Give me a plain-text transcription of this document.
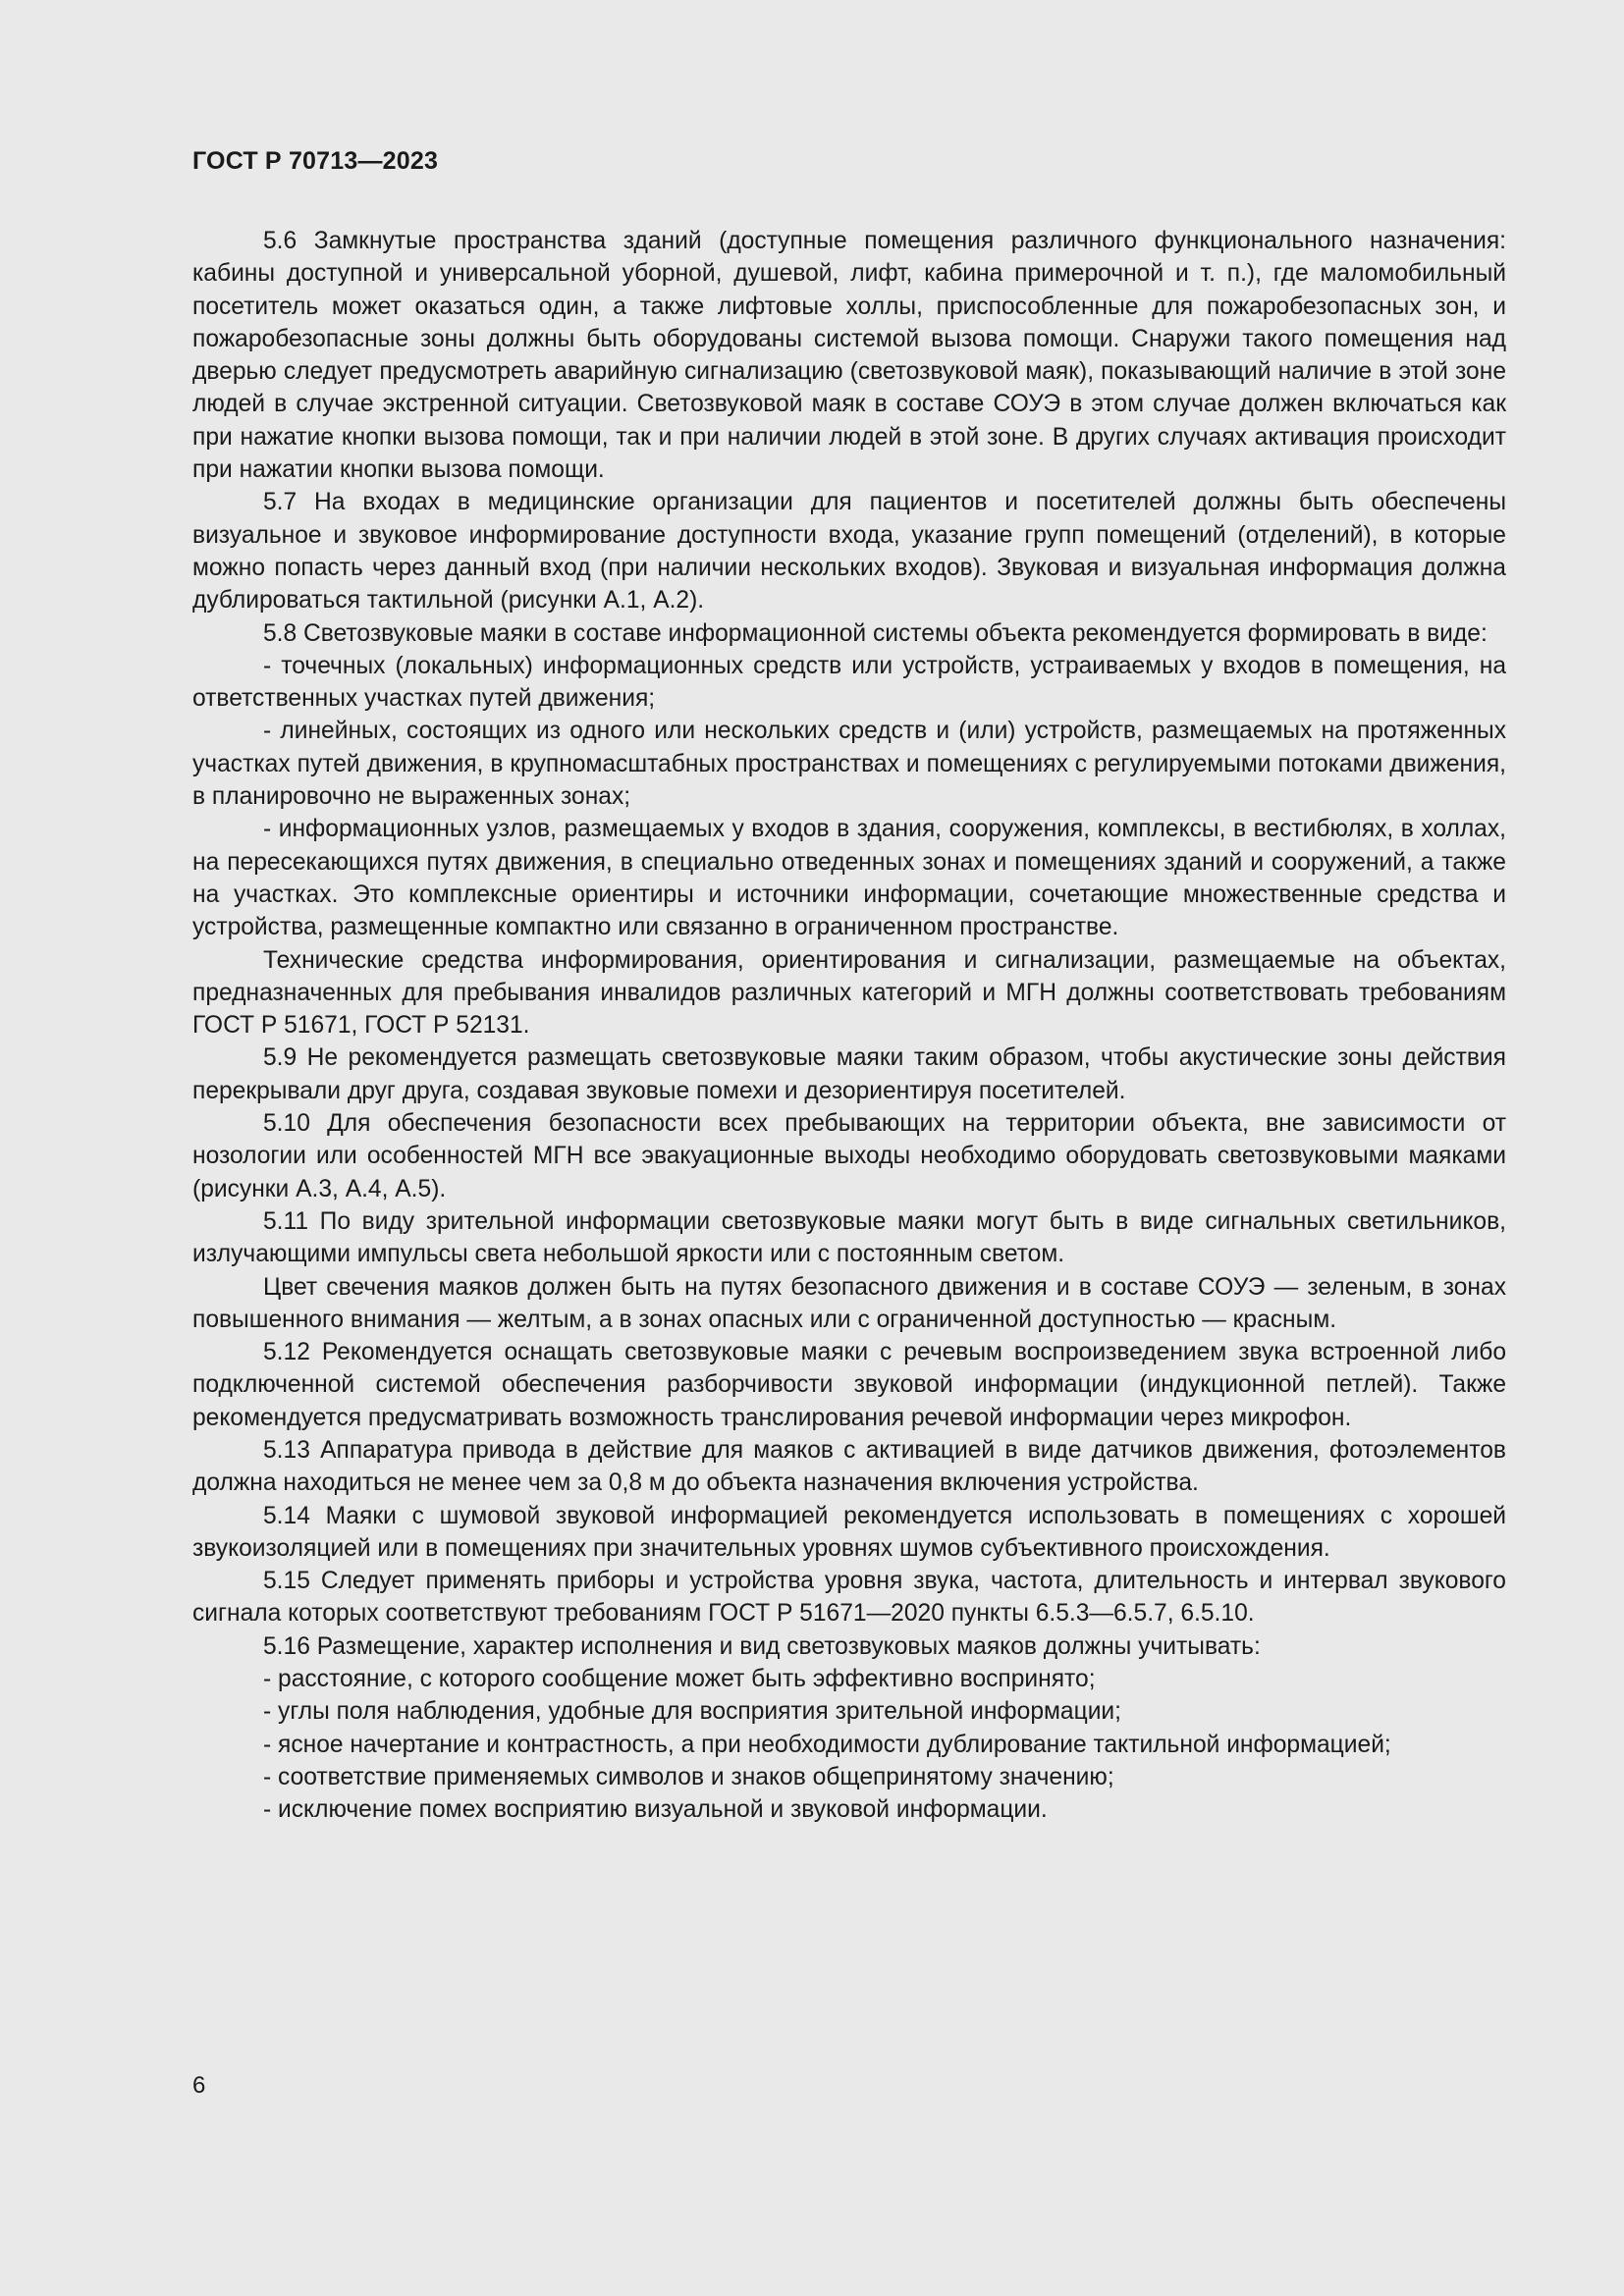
ГОСТ Р 70713—2023

5.6 Замкнутые пространства зданий (доступные помещения различного функционального назначения: кабины доступной и универсальной уборной, душевой, лифт, кабина примерочной и т. п.), где маломобильный посетитель может оказаться один, а также лифтовые холлы, приспособленные для пожаробезопасных зон, и пожаробезопасные зоны должны быть оборудованы системой вызова помощи. Снаружи такого помещения над дверью следует предусмотреть аварийную сигнализацию (светозвуковой маяк), показывающий наличие в этой зоне людей в случае экстренной ситуации. Светозвуковой маяк в составе СОУЭ в этом случае должен включаться как при нажатие кнопки вызова помощи, так и при наличии людей в этой зоне. В других случаях активация происходит при нажатии кнопки вызова помощи.

5.7 На входах в медицинские организации для пациентов и посетителей должны быть обеспечены визуальное и звуковое информирование доступности входа, указание групп помещений (отделений), в которые можно попасть через данный вход (при наличии нескольких входов). Звуковая и визуальная информация должна дублироваться тактильной (рисунки А.1, А.2).

5.8 Светозвуковые маяки в составе информационной системы объекта рекомендуется формировать в виде:

- точечных (локальных) информационных средств или устройств, устраиваемых у входов в помещения, на ответственных участках путей движения;

- линейных, состоящих из одного или нескольких средств и (или) устройств, размещаемых на протяженных участках путей движения, в крупномасштабных пространствах и помещениях с регулируемыми потоками движения, в планировочно не выраженных зонах;

- информационных узлов, размещаемых у входов в здания, сооружения, комплексы, в вестибюлях, в холлах, на пересекающихся путях движения, в специально отведенных зонах и помещениях зданий и сооружений, а также на участках. Это комплексные ориентиры и источники информации, сочетающие множественные средства и устройства, размещенные компактно или связанно в ограниченном пространстве.

Технические средства информирования, ориентирования и сигнализации, размещаемые на объектах, предназначенных для пребывания инвалидов различных категорий и МГН должны соответствовать требованиям ГОСТ Р 51671, ГОСТ Р 52131.

5.9 Не рекомендуется размещать светозвуковые маяки таким образом, чтобы акустические зоны действия перекрывали друг друга, создавая звуковые помехи и дезориентируя посетителей.

5.10 Для обеспечения безопасности всех пребывающих на территории объекта, вне зависимости от нозологии или особенностей МГН все эвакуационные выходы необходимо оборудовать светозвуковыми маяками (рисунки А.3, А.4, А.5).

5.11 По виду зрительной информации светозвуковые маяки могут быть в виде сигнальных светильников, излучающими импульсы света небольшой яркости или с постоянным светом.

Цвет свечения маяков должен быть на путях безопасного движения и в составе СОУЭ — зеленым, в зонах повышенного внимания — желтым, а в зонах опасных или с ограниченной доступностью — красным.

5.12 Рекомендуется оснащать светозвуковые маяки с речевым воспроизведением звука встроенной либо подключенной системой обеспечения разборчивости звуковой информации (индукционной петлей). Также рекомендуется предусматривать возможность транслирования речевой информации через микрофон.

5.13 Аппаратура привода в действие для маяков с активацией в виде датчиков движения, фотоэлементов должна находиться не менее чем за 0,8 м до объекта назначения включения устройства.

5.14 Маяки с шумовой звуковой информацией рекомендуется использовать в помещениях с хорошей звукоизоляцией или в помещениях при значительных уровнях шумов субъективного происхождения.

5.15 Следует применять приборы и устройства уровня звука, частота, длительность и интервал звукового сигнала которых соответствуют требованиям ГОСТ Р 51671—2020 пункты 6.5.3—6.5.7, 6.5.10.

5.16 Размещение, характер исполнения и вид светозвуковых маяков должны учитывать:

- расстояние, с которого сообщение может быть эффективно воспринято;

- углы поля наблюдения, удобные для восприятия зрительной информации;

- ясное начертание и контрастность, а при необходимости дублирование тактильной информацией;

- соответствие применяемых символов и знаков общепринятому значению;

- исключение помех восприятию визуальной и звуковой информации.

6
